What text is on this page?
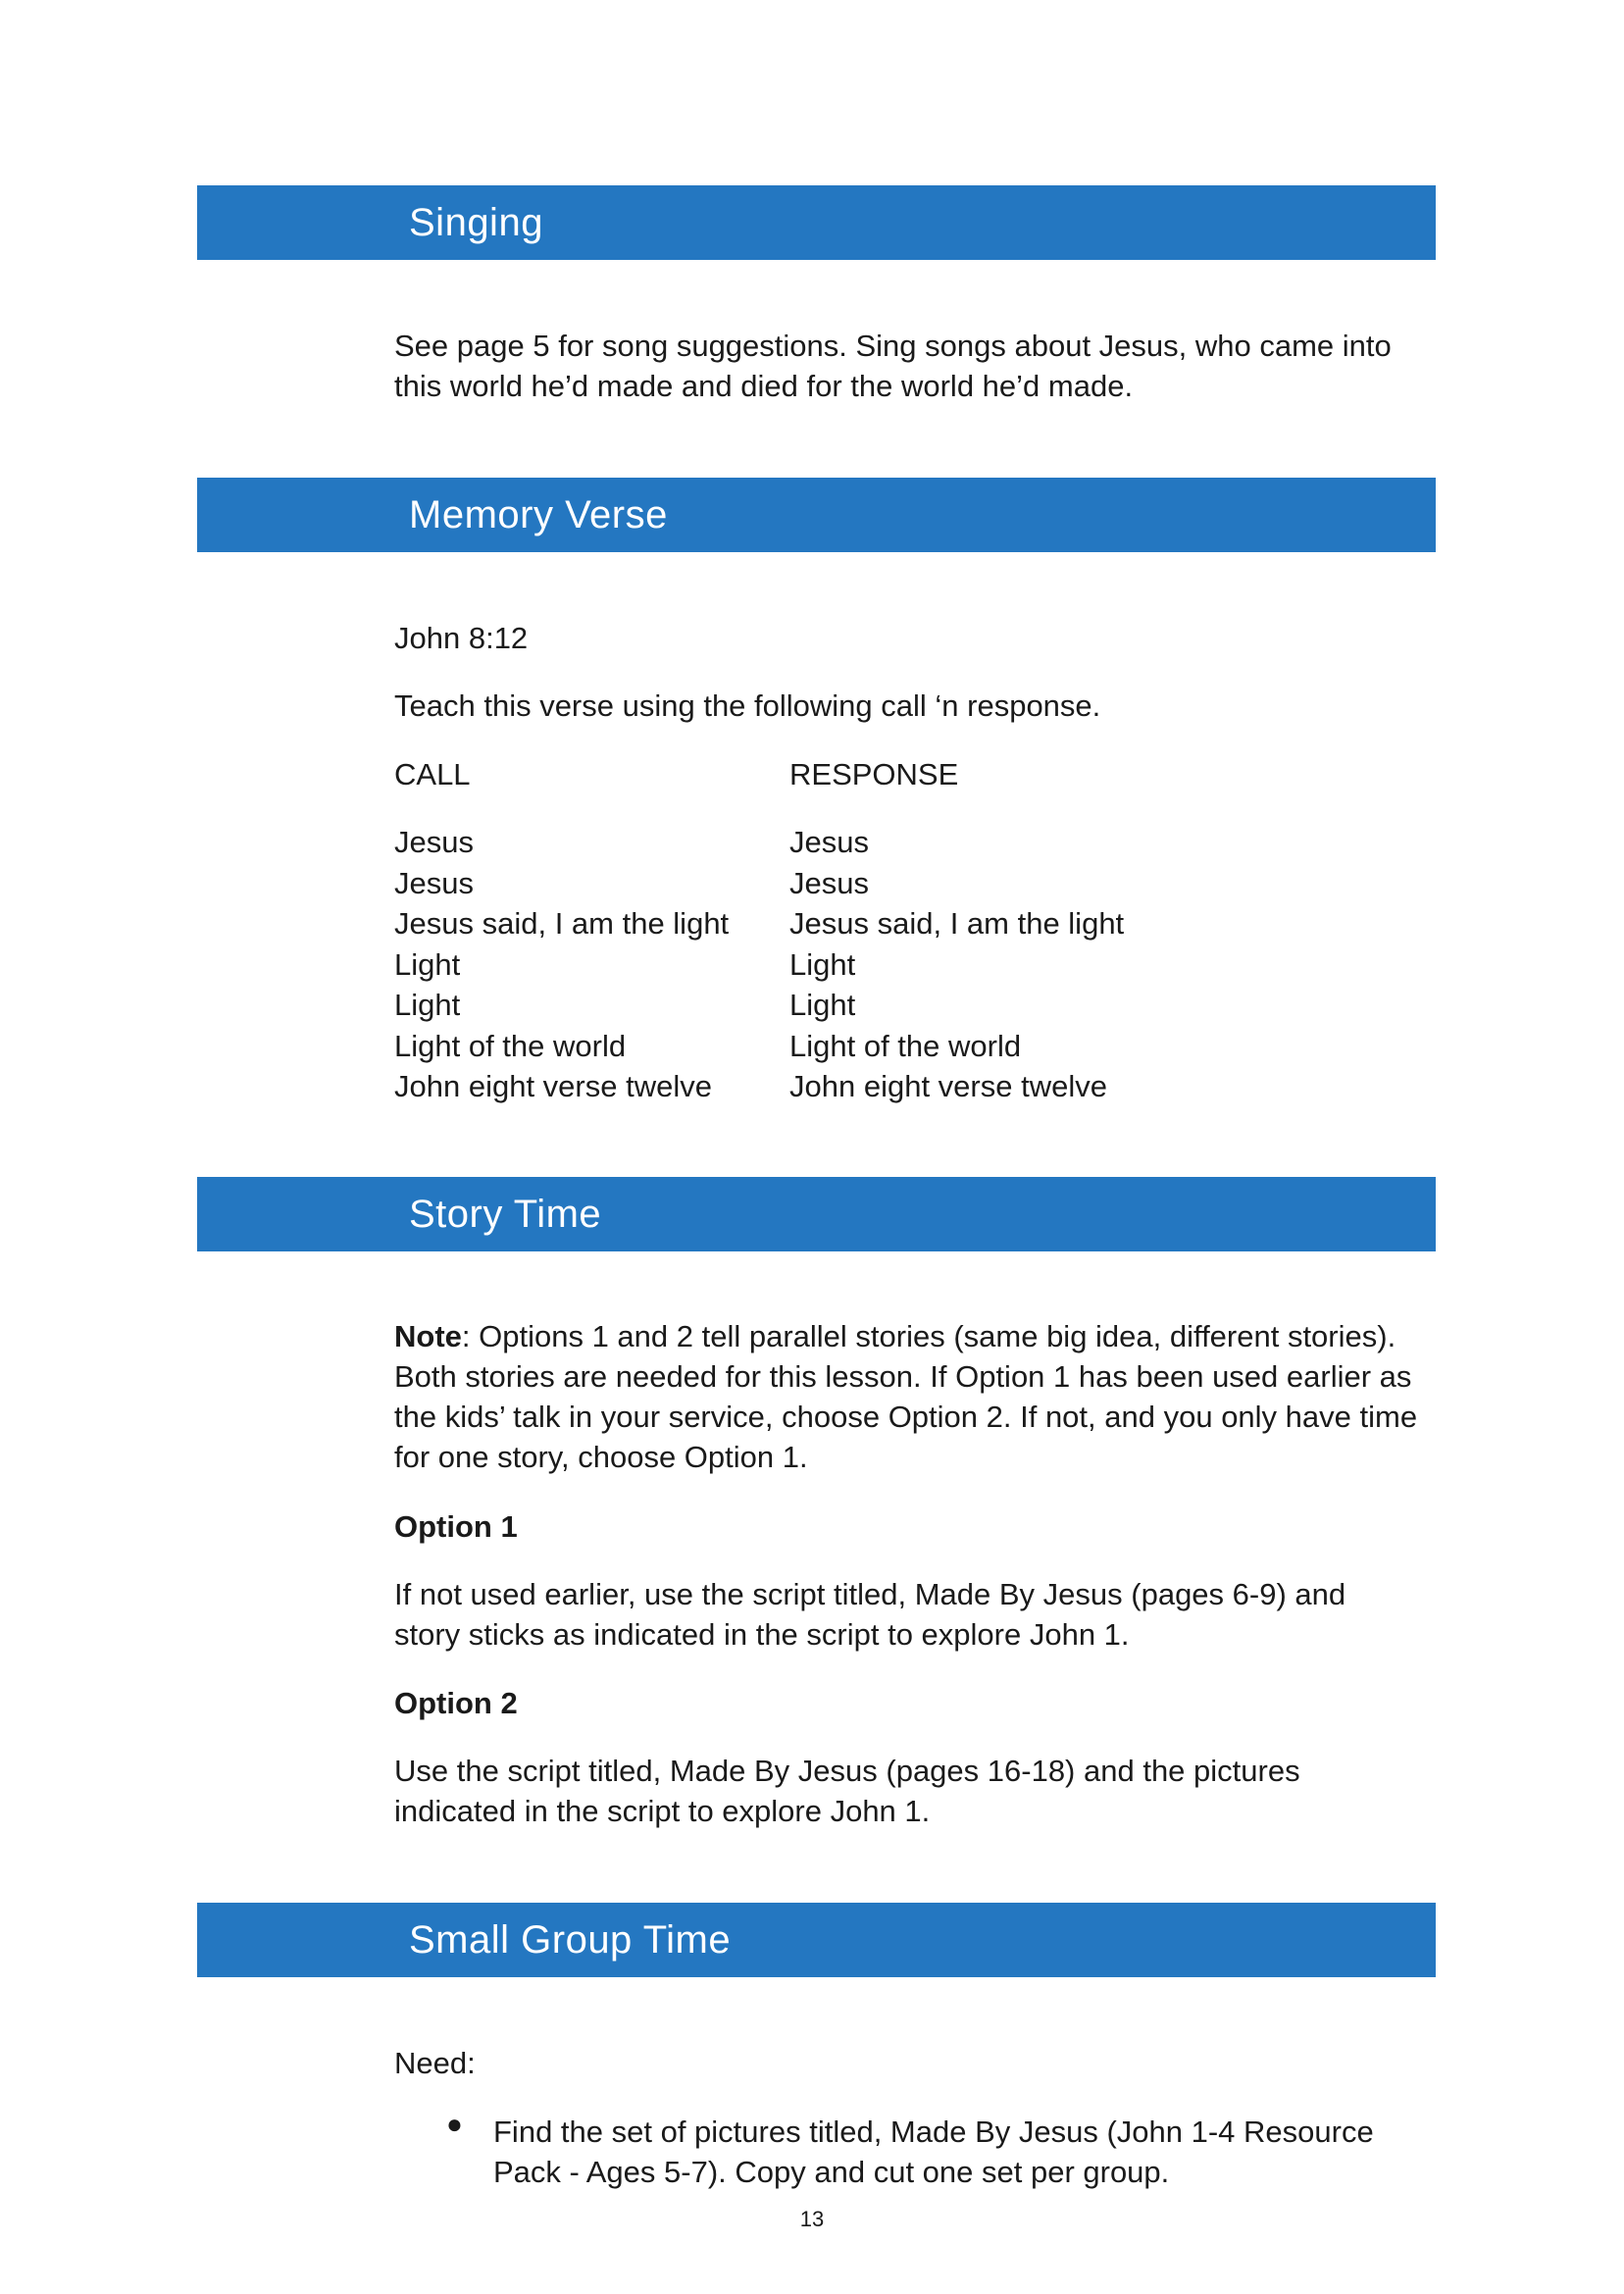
Singing

See page 5 for song suggestions. Sing songs about Jesus, who came into this world he’d made and died for the world he’d made.

Memory Verse

John 8:12

Teach this verse using the following call ‘n response.

CALL	RESPONSE

Jesus
Jesus
Jesus said, I am the light
Light
Light
Light of the world
John eight verse twelve
Jesus
Jesus
Jesus said, I am the light
Light
Light
Light of the world
John eight verse twelve
Story Time

Note: Options 1 and 2 tell parallel stories (same big idea, different stories). Both stories are needed for this lesson. If Option 1 has been used earlier as the kids’ talk in your service, choose Option 2. If not, and you only have time for one story, choose Option 1.

Option 1

If not used earlier, use the script titled, Made By Jesus (pages 6-9) and story sticks as indicated in the script to explore John 1.

Option 2

Use the script titled, Made By Jesus (pages 16-18) and the pictures indicated in the script to explore John 1.

Small Group Time

Need:

● Find the set of pictures titled, Made By Jesus (John 1-4 Resource Pack - Ages 5-7). Copy and cut one set per group.

13
